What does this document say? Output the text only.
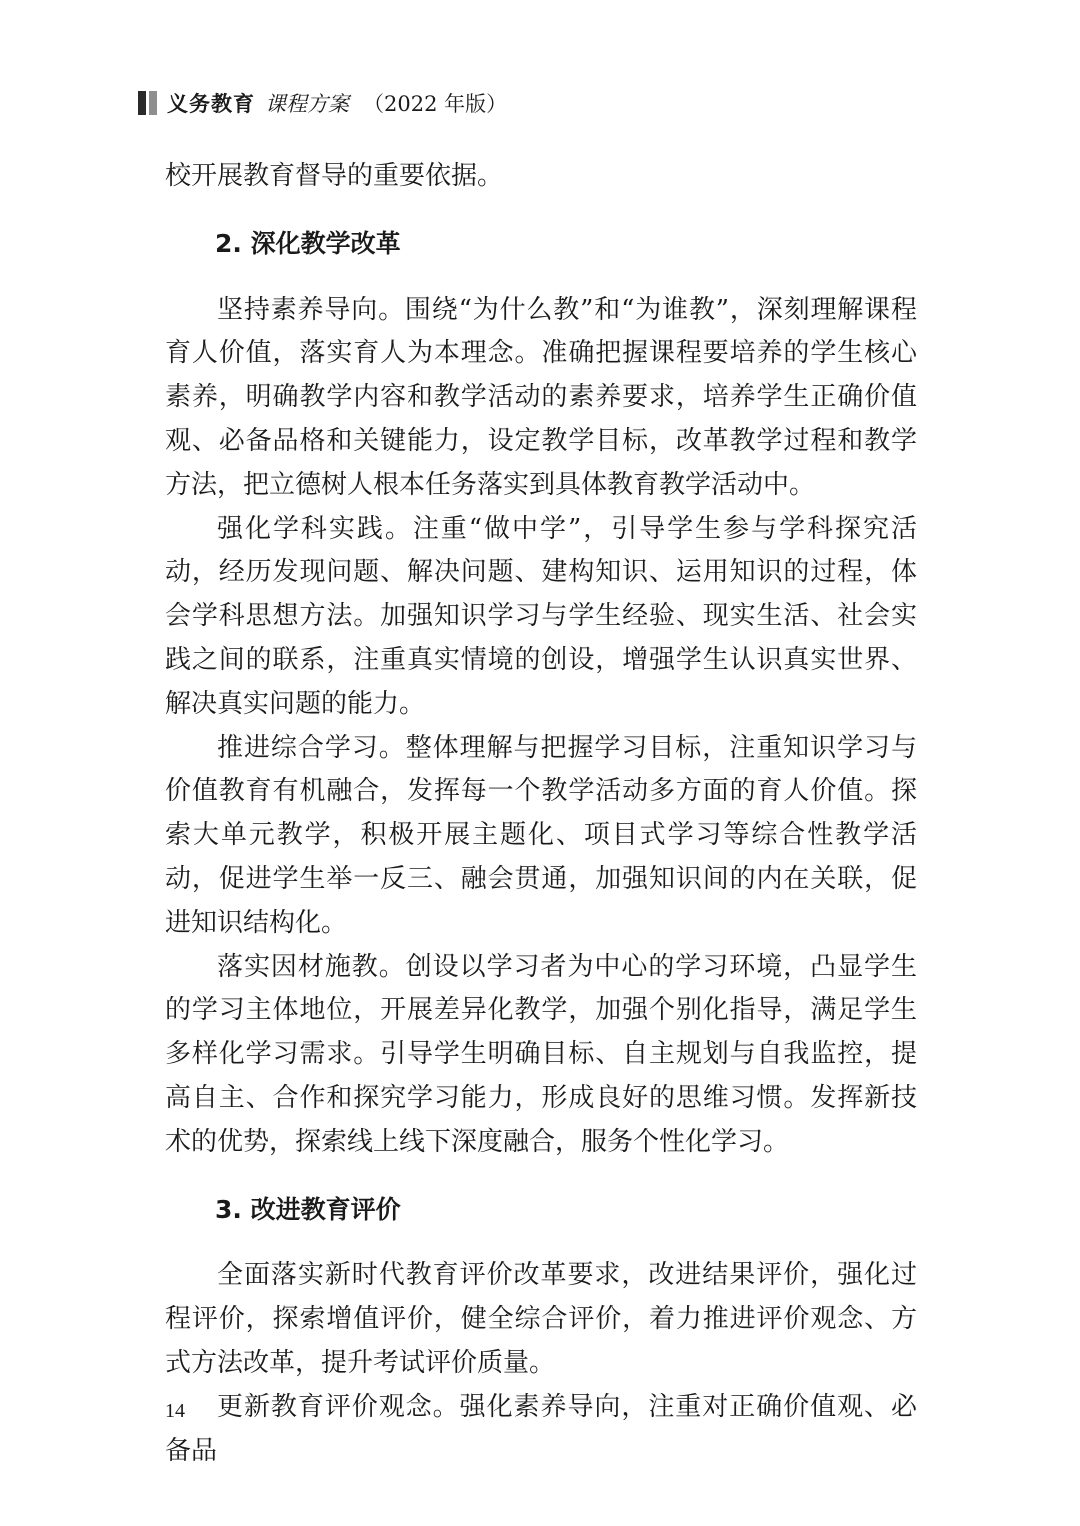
义务教育 课程方案 （2022 年版）

校开展教育督导的重要依据。

2. 深化教学改革

坚持素养导向。围绕“为什么教”和“为谁教”，深刻理解课程育人价值，落实育人为本理念。准确把握课程要培养的学生核心素养，明确教学内容和教学活动的素养要求，培养学生正确价值观、必备品格和关键能力，设定教学目标，改革教学过程和教学方法，把立德树人根本任务落实到具体教育教学活动中。

强化学科实践。注重“做中学”，引导学生参与学科探究活动，经历发现问题、解决问题、建构知识、运用知识的过程，体会学科思想方法。加强知识学习与学生经验、现实生活、社会实践之间的联系，注重真实情境的创设，增强学生认识真实世界、解决真实问题的能力。

推进综合学习。整体理解与把握学习目标，注重知识学习与价值教育有机融合，发挥每一个教学活动多方面的育人价值。探索大单元教学，积极开展主题化、项目式学习等综合性教学活动，促进学生举一反三、融会贯通，加强知识间的内在关联，促进知识结构化。

落实因材施教。创设以学习者为中心的学习环境，凸显学生的学习主体地位，开展差异化教学，加强个别化指导，满足学生多样化学习需求。引导学生明确目标、自主规划与自我监控，提高自主、合作和探究学习能力，形成良好的思维习惯。发挥新技术的优势，探索线上线下深度融合，服务个性化学习。

3. 改进教育评价

全面落实新时代教育评价改革要求，改进结果评价，强化过程评价，探索增值评价，健全综合评价，着力推进评价观念、方式方法改革，提升考试评价质量。

更新教育评价观念。强化素养导向，注重对正确价值观、必备品

14
